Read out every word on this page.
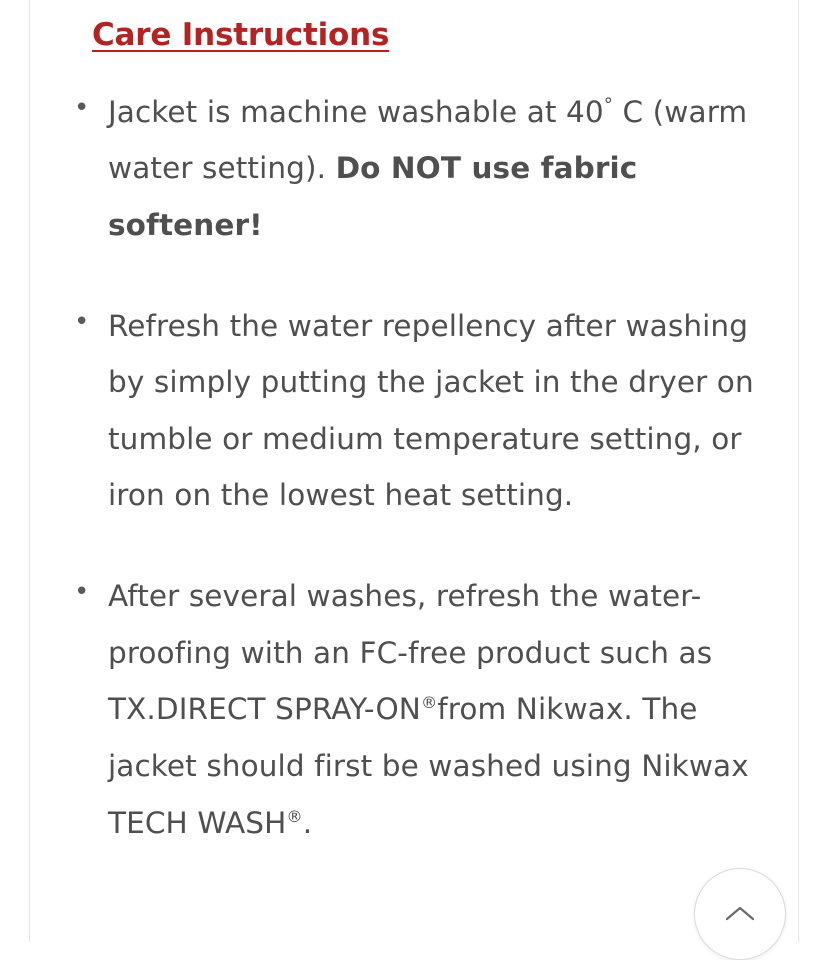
Care Instructions
• Jacket is machine washable at 40° C (warm water setting). Do NOT use fabric softener!
• Refresh the water repellency after washing by simply putting the jacket in the dryer on tumble or medium temperature setting, or iron on the lowest heat setting.
• After several washes, refresh the water-proofing with an FC-free product such as TX.DIRECT SPRAY-ON®from Nikwax. The jacket should first be washed using Nikwax TECH WASH®.
